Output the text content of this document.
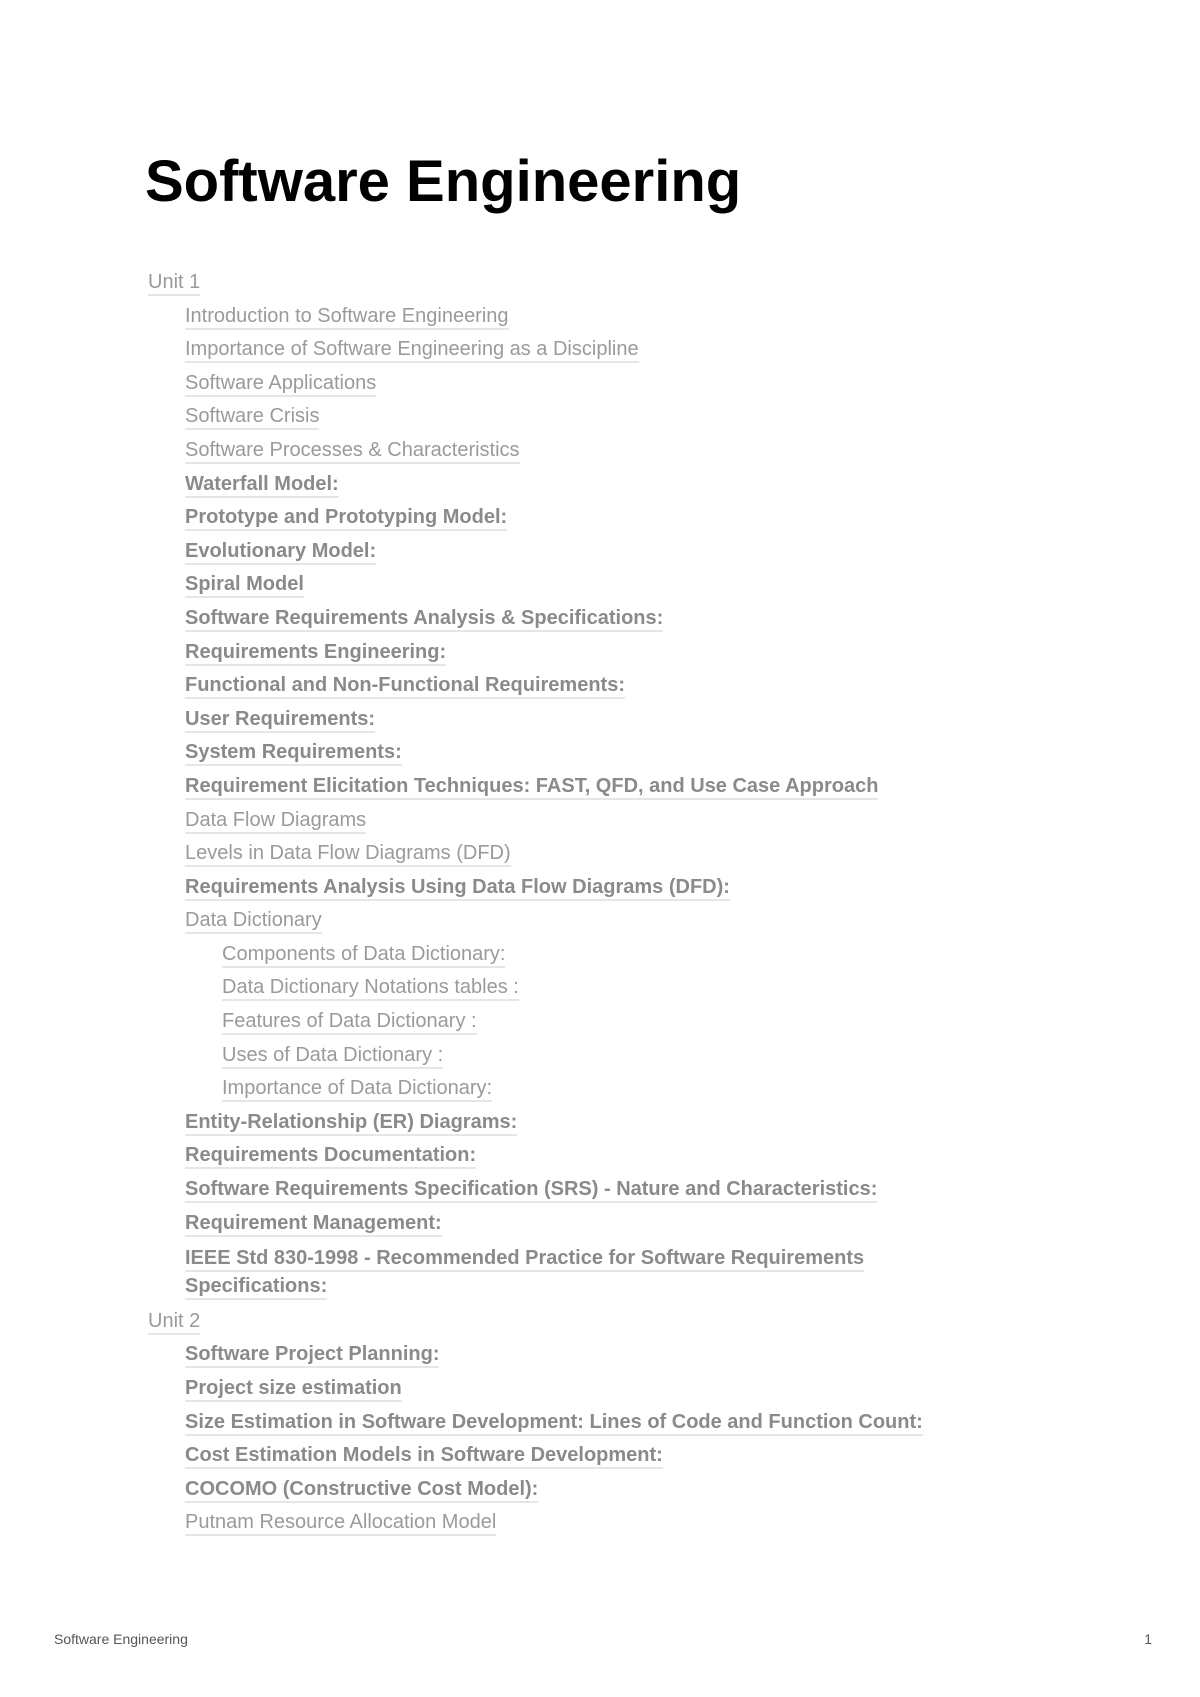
Software Engineering
Unit 1
Introduction to Software Engineering
Importance of Software Engineering as a Discipline
Software Applications
Software Crisis
Software Processes & Characteristics
Waterfall Model:
Prototype and Prototyping Model:
Evolutionary Model:
Spiral Model
Software Requirements Analysis & Specifications:
Requirements Engineering:
Functional and Non-Functional Requirements:
User Requirements:
System Requirements:
Requirement Elicitation Techniques: FAST, QFD, and Use Case Approach
Data Flow Diagrams
Levels in Data Flow Diagrams (DFD)
Requirements Analysis Using Data Flow Diagrams (DFD):
Data Dictionary
Components of Data Dictionary:
Data Dictionary Notations tables :
Features of Data Dictionary :
Uses of Data Dictionary :
Importance of Data Dictionary:
Entity-Relationship (ER) Diagrams:
Requirements Documentation:
Software Requirements Specification (SRS) - Nature and Characteristics:
Requirement Management:
IEEE Std 830-1998 - Recommended Practice for Software Requirements Specifications:
Unit 2
Software Project Planning:
Project size estimation
Size Estimation in Software Development: Lines of Code and Function Count:
Cost Estimation Models in Software Development:
COCOMO (Constructive Cost Model):
Putnam Resource Allocation Model
Software Engineering	1
